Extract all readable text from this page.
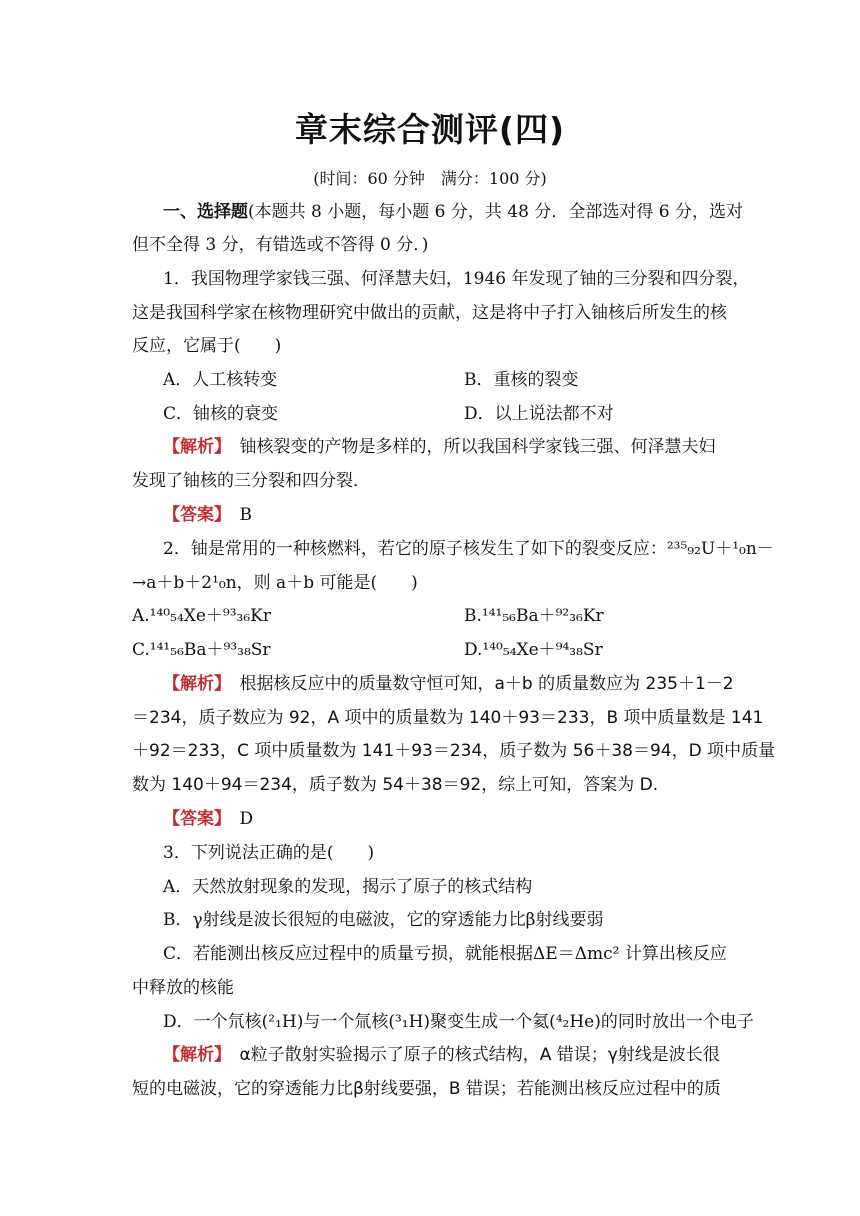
章末综合测评(四)
(时间：60 分钟　满分：100 分)
一、选择题(本题共 8 小题，每小题 6 分，共 48 分．全部选对得 6 分，选对
但不全得 3 分，有错选或不答得 0 分．)
1．我国物理学家钱三强、何泽慧夫妇，1946 年发现了铀的三分裂和四分裂，
这是我国科学家在核物理研究中做出的贡献，这是将中子打入铀核后所发生的核
反应，它属于(　　)
A．人工核转变	B．重核的裂变
C．铀核的衰变	D．以上说法都不对
【解析】　 铀核裂变的产物是多样的，所以我国科学家钱三强、何泽慧夫妇
发现了铀核的三分裂和四分裂．
【答案】　 B
2．铀是常用的一种核燃料，若它的原子核发生了如下的裂变反应：²³⁵₉₂U＋¹₀n－
→a＋b＋2¹₀n，则 a＋b 可能是(　　)
A.¹⁴⁰₅₄Xe＋⁹³₃₆Kr	B.¹⁴¹₅₆Ba＋⁹²₃₆Kr
C.¹⁴¹₅₆Ba＋⁹³₃₈Sr	D.¹⁴⁰₅₄Xe＋⁹⁴₃₈Sr
【解析】　 根据核反应中的质量数守恒可知，a＋b 的质量数应为 235＋1－2
＝234，质子数应为 92，A 项中的质量数为 140＋93＝233，B 项中质量数是 141
＋92＝233，C 项中质量数为 141＋93＝234，质子数为 56＋38＝94，D 项中质量
数为 140＋94＝234，质子数为 54＋38＝92，综上可知，答案为 D.
【答案】　 D
3．下列说法正确的是(　　)
A．天然放射现象的发现，揭示了原子的核式结构
B．γ射线是波长很短的电磁波，它的穿透能力比β射线要弱
C．若能测出核反应过程中的质量亏损，就能根据ΔE＝Δmc² 计算出核反应
中释放的核能
D．一个氘核(²₁H)与一个氚核(³₁H)聚变生成一个氦(⁴₂He)的同时放出一个电子
【解析】　 α粒子散射实验揭示了原子的核式结构，A 错误；γ射线是波长很
短的电磁波，它的穿透能力比β射线要强，B 错误；若能测出核反应过程中的质
